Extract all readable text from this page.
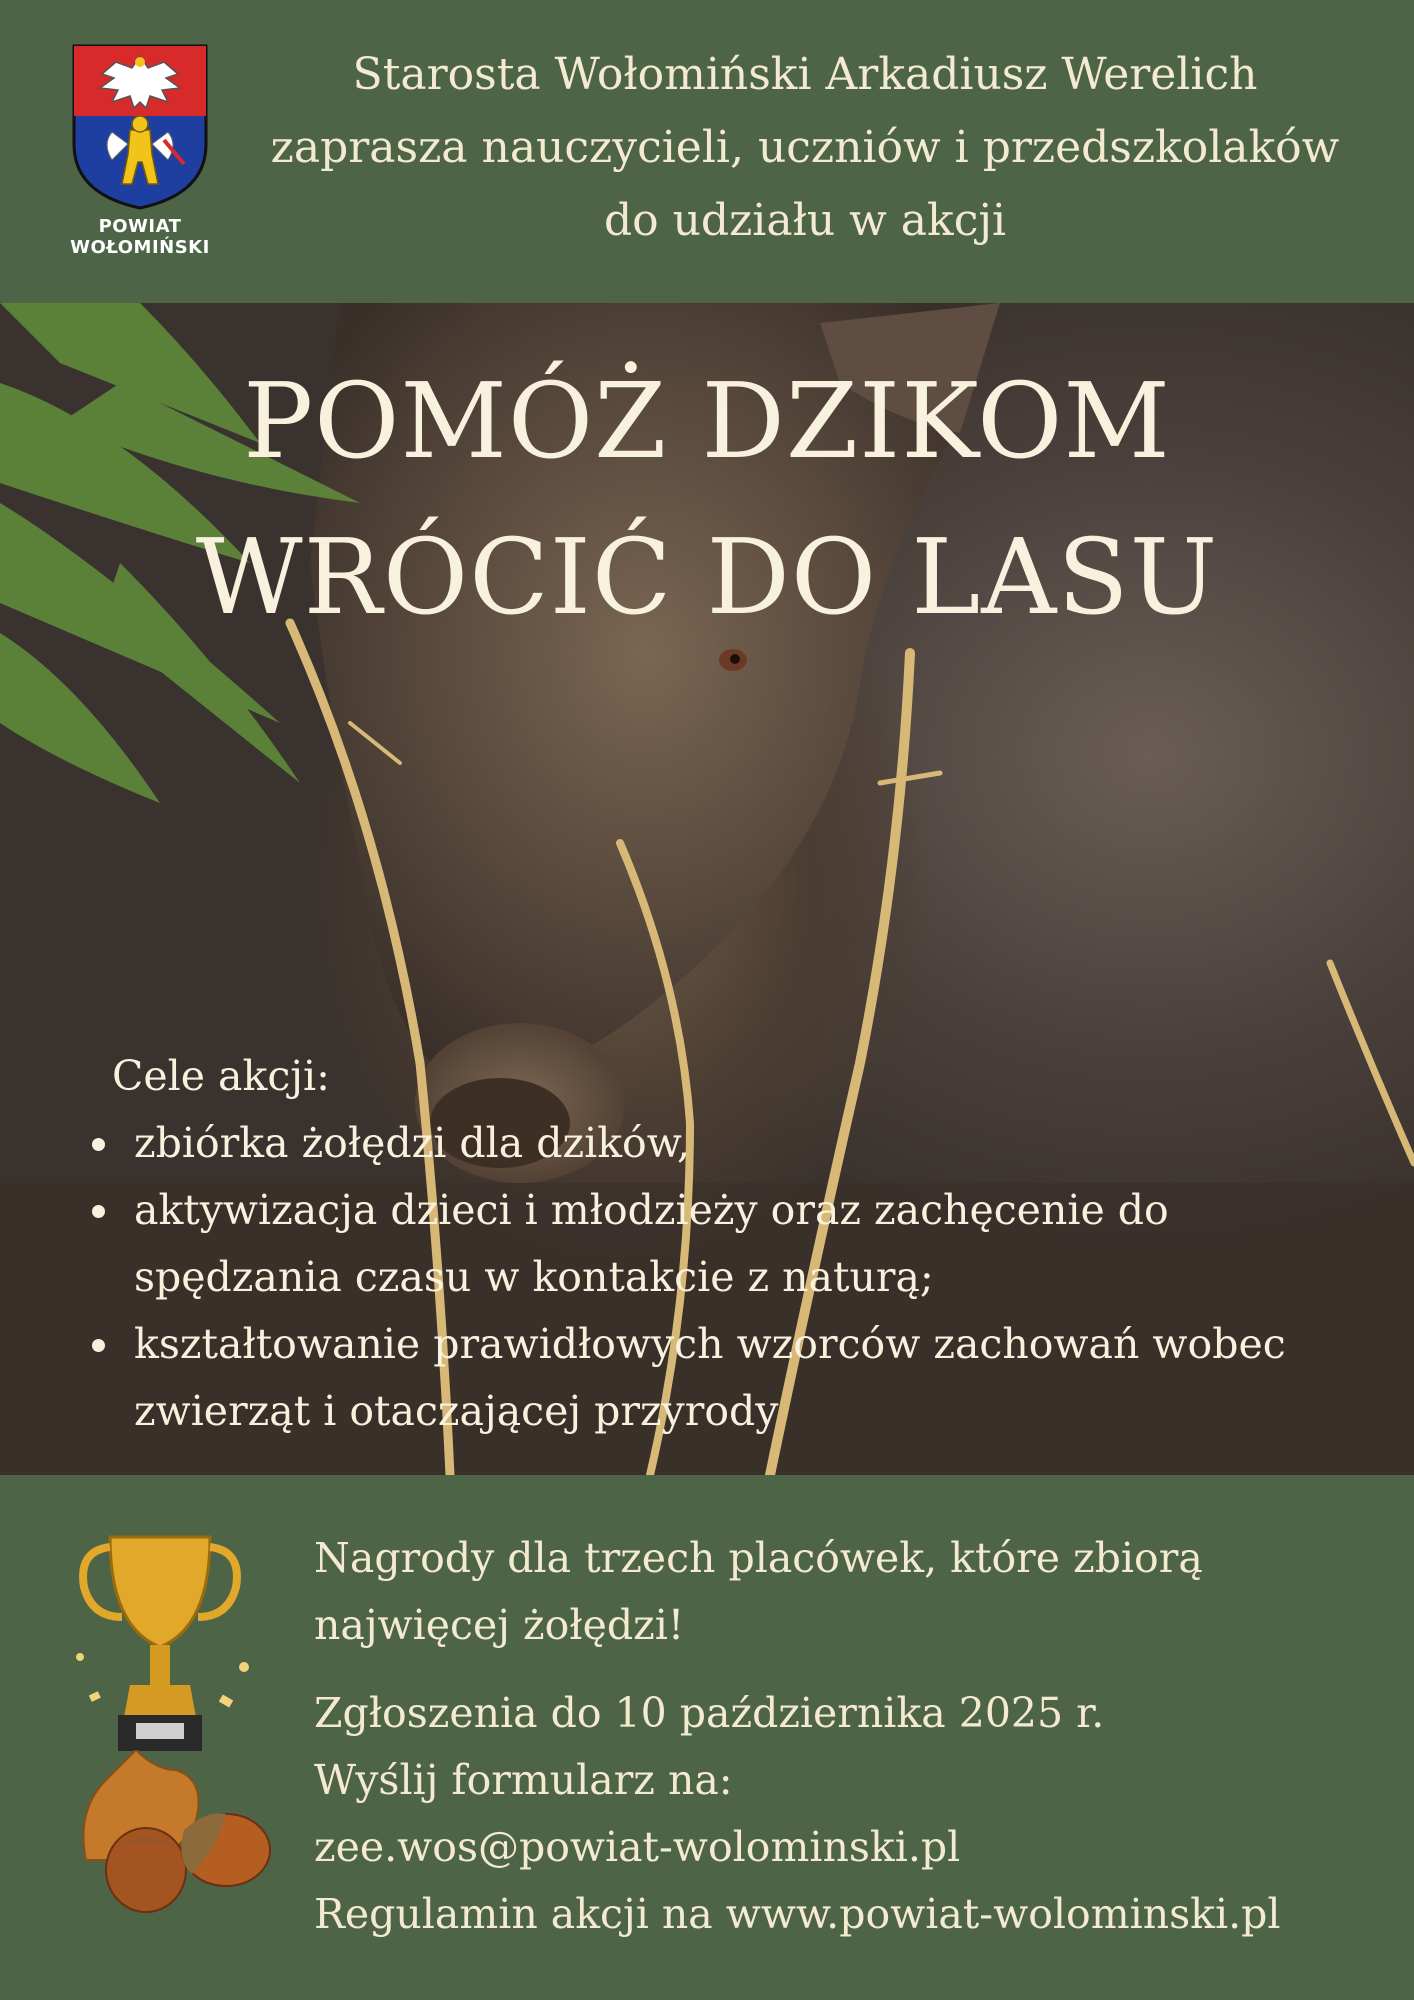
POWIAT
WOŁOMIŃSKI
Starosta Wołomiński Arkadiusz Werelich
zaprasza nauczycieli, uczniów i przedszkolaków
do udziału w akcji
POMÓŻ DZIKOM
WRÓCIĆ DO LASU
Cele akcji:
zbiórka żołędzi dla dzików,
aktywizacja dzieci i młodzieży oraz zachęcenie do spędzania czasu w kontakcie z naturą;
kształtowanie prawidłowych wzorców zachowań wobec zwierząt i otaczającej przyrody
Nagrody dla trzech placówek, które zbiorą
najwięcej żołędzi!
Zgłoszenia do 10 października 2025 r.
Wyślij formularz na:
zee.wos@powiat-wolominski.pl
Regulamin akcji na www.powiat-wolominski.pl
